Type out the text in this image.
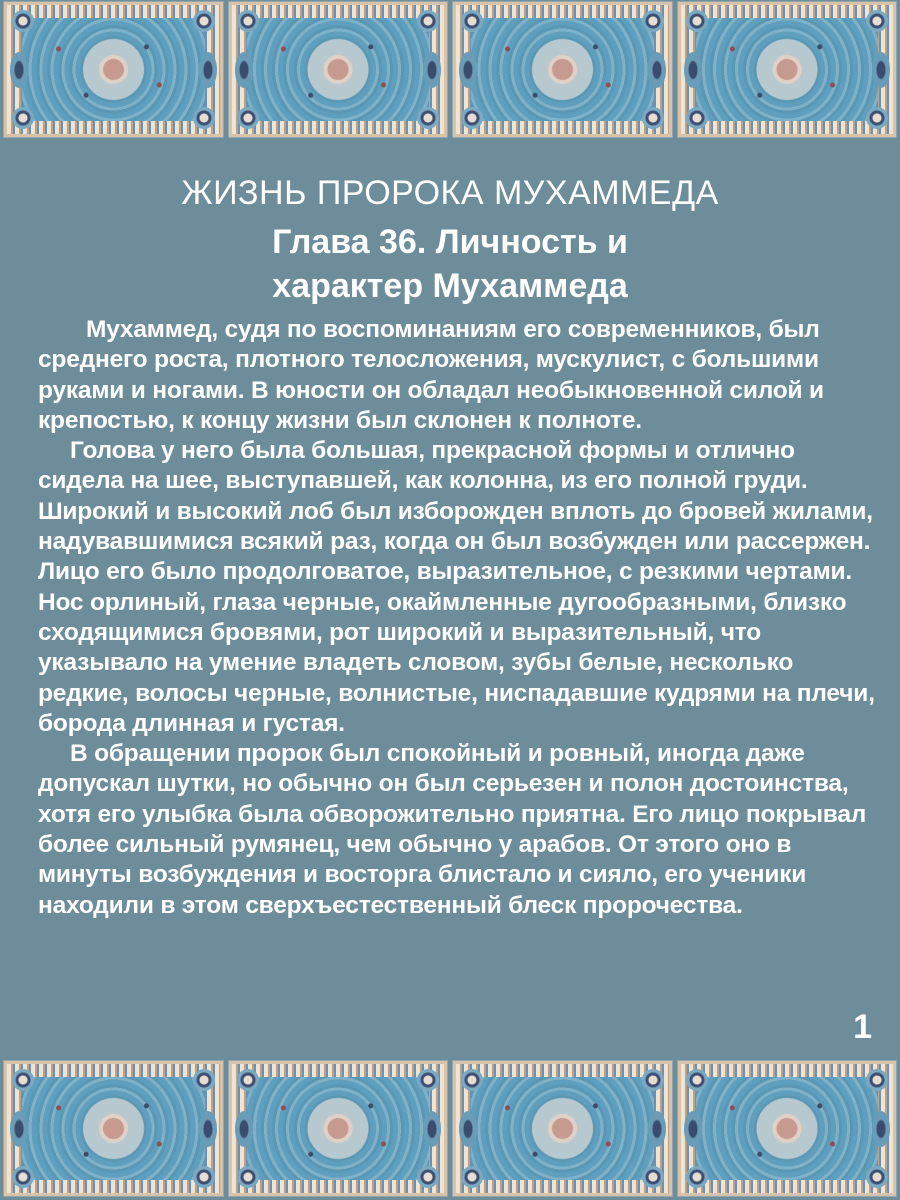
ЖИЗНЬ ПРОРОКА МУХАММЕДА
Глава 36. Личность и
характер Мухаммеда

Мухаммед, судя по воспоминаниям его современников, был среднего роста, плотного телосложения, мускулист, с большими руками и ногами. В юности он обладал необыкновенной силой и крепостью, к концу жизни был склонен к полноте.

Голова у него была большая, прекрасной формы и отлично сидела на шее, выступавшей, как колонна, из его полной груди. Широкий и высокий лоб был изборожден вплоть до бровей жилами, надувавшимися всякий раз, когда он был возбужден или рассержен. Лицо его было продолговатое, выразительное, с резкими чертами. Нос орлиный, глаза черные, окаймленные дугообразными, близко сходящимися бровями, рот широкий и выразительный, что указывало на умение владеть словом, зубы белые, несколько редкие, волосы черные, волнистые, ниспадавшие кудрями на плечи, борода длинная и густая.

В обращении пророк был спокойный и ровный, иногда даже допускал шутки, но обычно он был серьезен и полон достоинства, хотя его улыбка была обворожительно приятна. Его лицо покрывал более сильный румянец, чем обычно у арабов. От этого оно в минуты возбуждения и восторга блистало и сияло, его ученики находили в этом сверхъестественный блеск пророчества.

1
